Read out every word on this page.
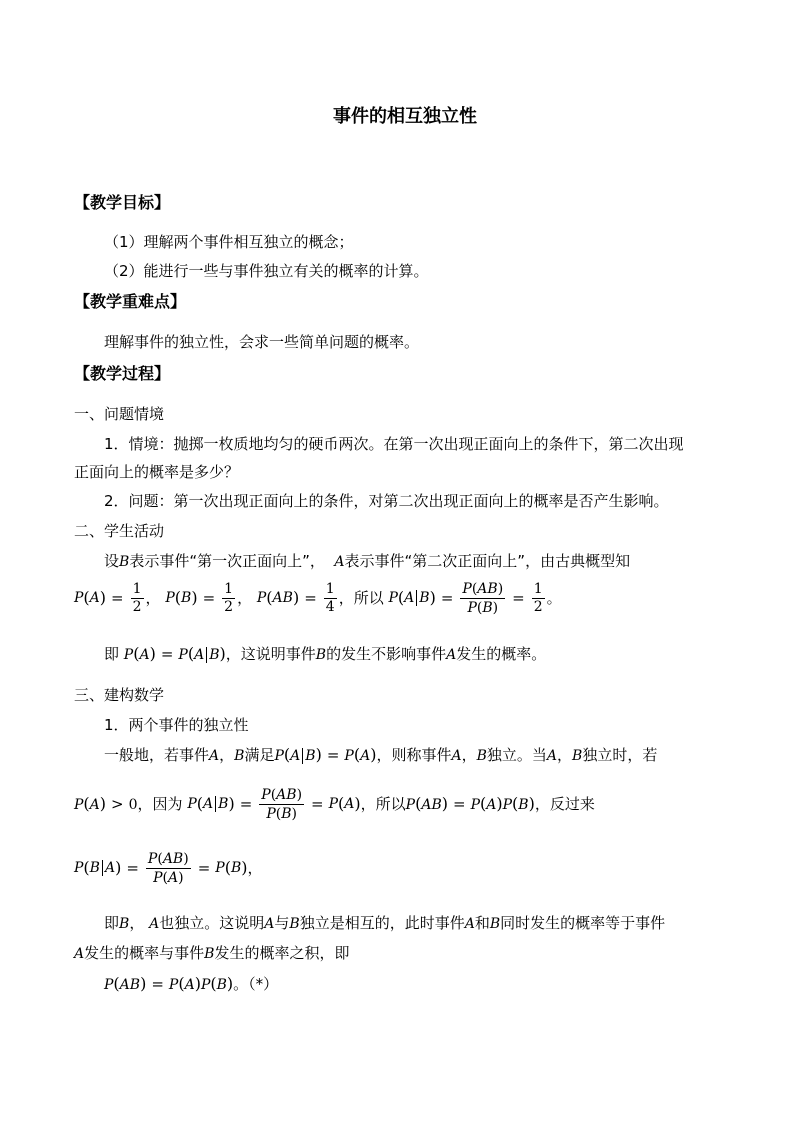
事件的相互独立性
【教学目标】
（1）理解两个事件相互独立的概念；
（2）能进行一些与事件独立有关的概率的计算。
【教学重难点】
理解事件的独立性，会求一些简单问题的概率。
【教学过程】
一、问题情境
1．情境：抛掷一枚质地均匀的硬币两次。在第一次出现正面向上的条件下，第二次出现
正面向上的概率是多少？
2．问题：第一次出现正面向上的条件，对第二次出现正面向上的概率是否产生影响。
二、学生活动
设B表示事件“第一次正面向上”， A表示事件“第二次正面向上”，由古典概型知
P ( A ) = $\frac{1}{2}$ ， P ( B ) = $\frac{1}{2}$ ， P ( AB ) = $\frac{1}{4}$ ，所以 P ( A B ) = $\frac{P(AB)}{P(B)} = \frac{1}{2}$ 。
即 P(A) = P(A B)，这说明事件B的发生不影响事件A发生的概率。
三、建构数学
1．两个事件的独立性
一般地，若事件A，B满足P(A B) = P(A)，则称事件A，B独立。当A，B独立时，若
P(A) > 0，因为 P ( A B ) = $\frac{P(AB)}{P(B)} = P$ ( A ) ，所以P(AB) = P(A)P(B)，反过来
P ( B A ) = $\frac{P(AB)}{P(A)} = P$ ( B ) ，
即B， A也独立。这说明A与B独立是相互的，此时事件A和B同时发生的概率等于事件
A发生的概率与事件B发生的概率之积，即
P(AB) = P(A)P(B)。（*）
